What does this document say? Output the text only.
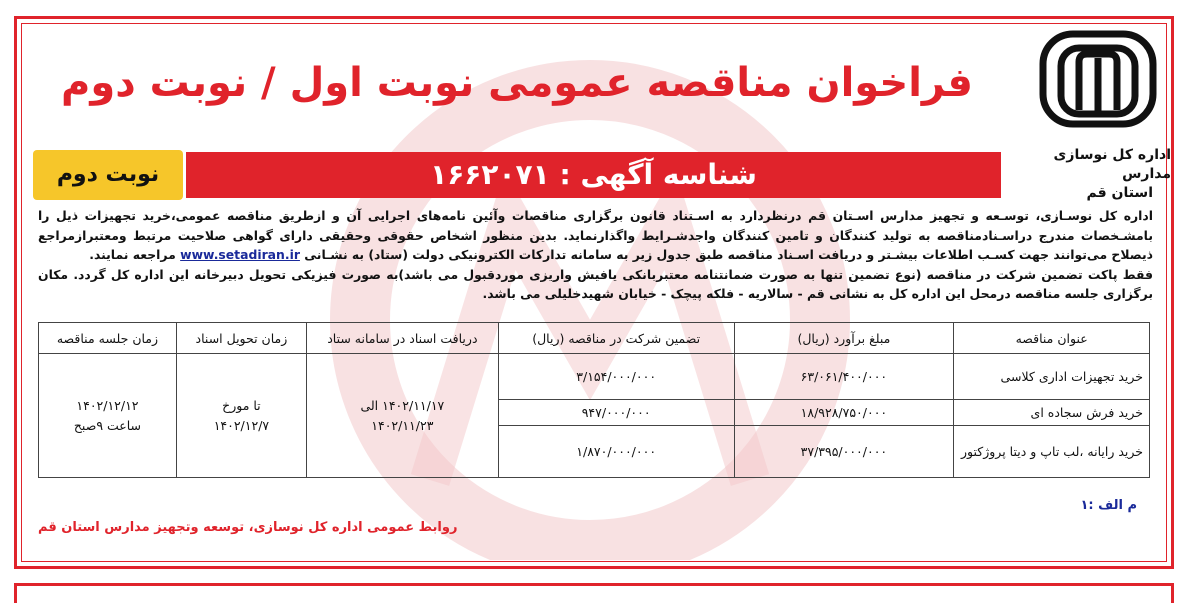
اداره کل نوسازی مدارس
استان قم
فراخوان مناقصه عمومی نوبت اول / نوبت دوم
شناسه آگهی : ۱۶۶۲۰۷۱
نوبت دوم

اداره کل نوسـازی، توسـعه و تجهیز مدارس اسـتان قم درنظردارد به اسـتناد قانون برگزاری مناقصات وآئین نامه‌های اجرایی آن و ازطریق مناقصه عمومی،خرید تجهیزات ذیل را بامشـخصات مندرج دراسـنادمناقصه به تولید کنندگان و تامین کنندگان واجدشـرایط واگذارنماید. بدین منظور اشخاص حقوقی وحقیقی دارای گواهی صلاحیت مرتبط ومعتبرازمراجع ذیصلاح می‌توانند جهت کسـب اطلاعات بیشـتر و دریافت اسـناد مناقصه طبق جدول زیر به سامانه تدارکات الکترونیکی دولت (ستاد) به نشـانی www.setadiran.ir مراجعه نمایند.

فقط پاکت تضمین شرکت در مناقصه (نوع تضمین تنها به صورت ضمانتنامه معتبربانکی یافیش واریزی موردقبول می باشد)به صورت فیزیکی تحویل دبیرخانه این اداره کل گردد. مکان برگزاری جلسه مناقصه درمحل این اداره کل به نشانی قم - سالاریه - فلکه پیچک - خیابان شهیدخلیلی می باشد.

عنوان مناقصه	مبلغ برآورد (ریال)	تضمین شرکت در مناقصه (ریال)	دریافت اسناد در سامانه ستاد	زمان تحویل اسناد	زمان جلسه مناقصه
خرید تجهیزات اداری کلاسی	۶۳/۰۶۱/۴۰۰/۰۰۰	۳/۱۵۴/۰۰۰/۰۰۰	۱۴۰۲/۱۱/۱۷ الی ۱۴۰۲/۱۱/۲۳	تا مورخ ۱۴۰۲/۱۲/۷	۱۴۰۲/۱۲/۱۲
ساعت ۹صبح

خرید فرش سجاده ای	۱۸/۹۲۸/۷۵۰/۰۰۰	۹۴۷/۰۰۰/۰۰۰			
خرید رایانه ،لب تاپ و دیتا پروژکتور	۳۷/۳۹۵/۰۰۰/۰۰۰	۱/۸۷۰/۰۰۰/۰۰۰			
م الف :۱
روابط عمومی اداره کل نوسازی، توسعه وتجهیز مدارس استان قم
